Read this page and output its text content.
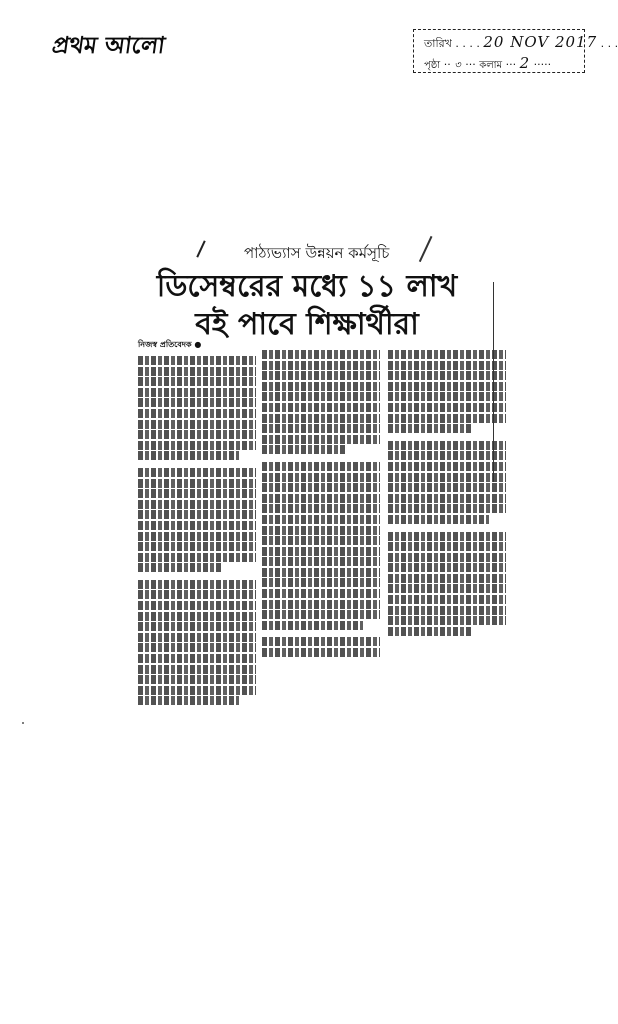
প্রথম আলো	তারিখ . . . . 20 NOV 2017 . . .
পৃষ্ঠা ·· ৩ ··· কলাম ··· 2 ·····
পাঠ্যভ্যাস উন্নয়ন কর্মসূচি
ডিসেম্বরের মধ্যে ১১ লাখ
বই পাবে শিক্ষার্থীরা
নিজস্ব প্রতিবেদক ●
